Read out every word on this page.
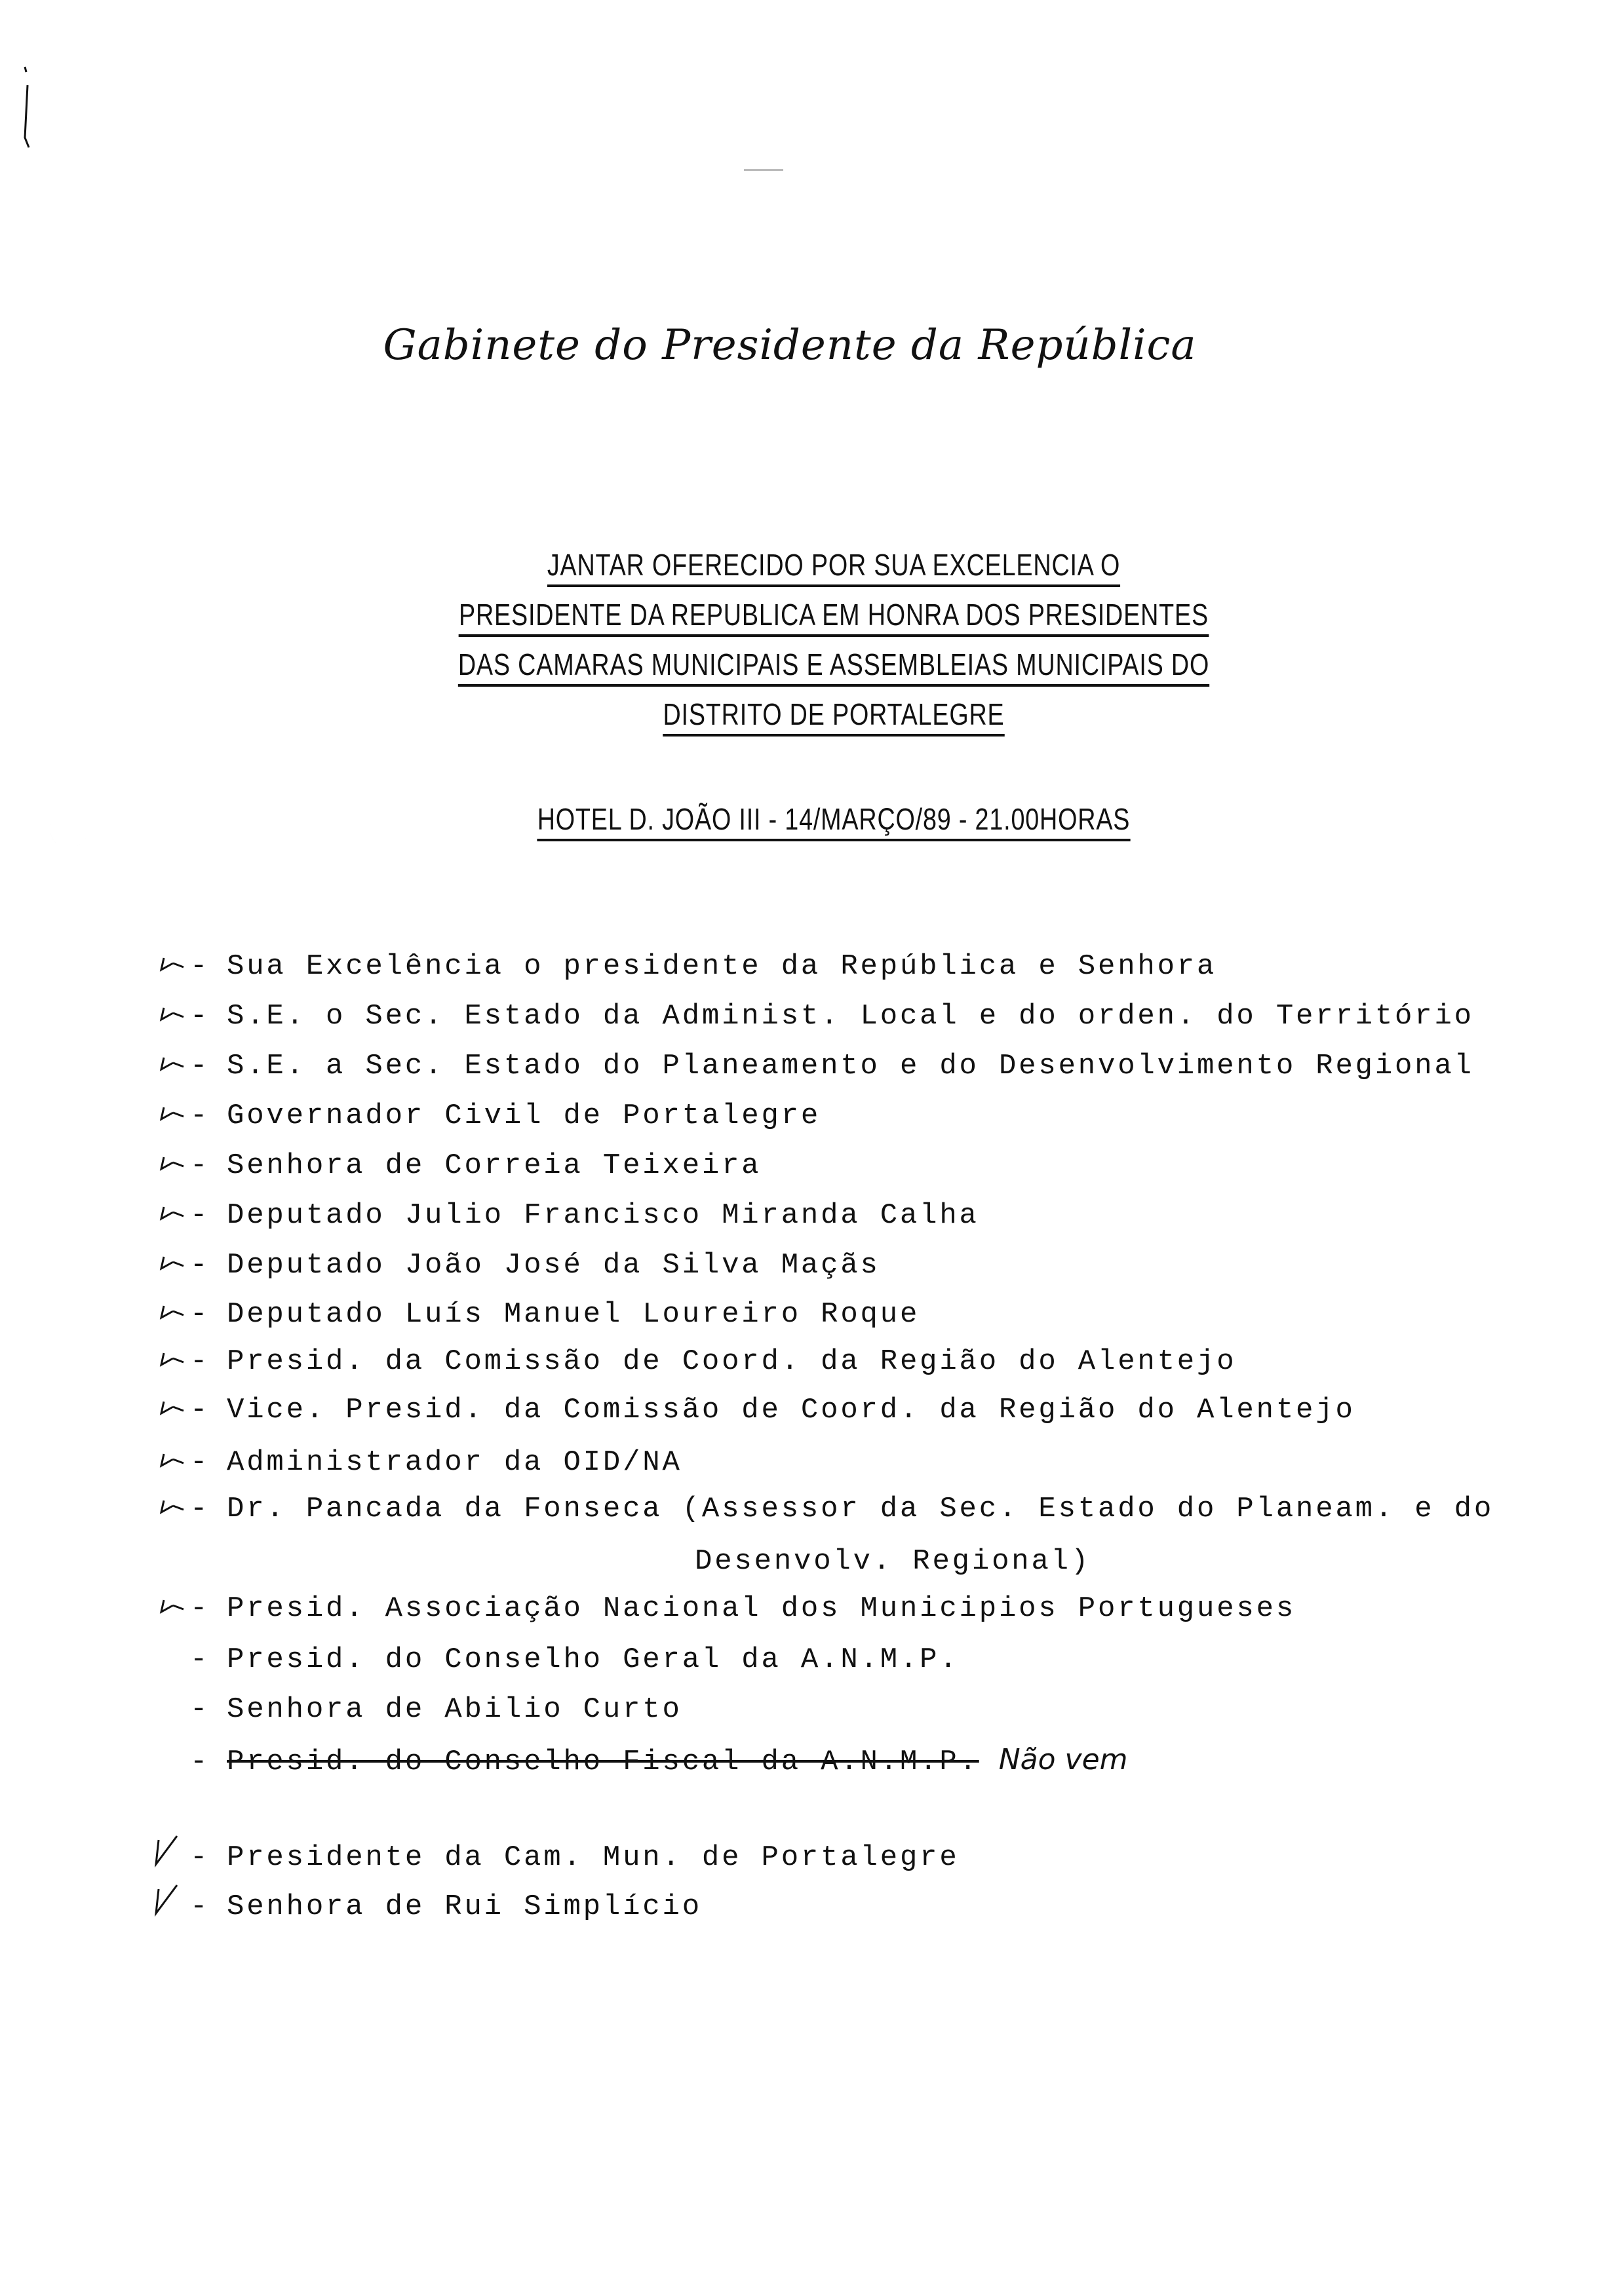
Gabinete do Presidente da República
JANTAR OFERECIDO POR SUA EXCELENCIA O
PRESIDENTE DA REPUBLICA EM HONRA DOS PRESIDENTES
DAS CAMARAS MUNICIPAIS E ASSEMBLEIAS MUNICIPAIS DO
DISTRITO DE PORTALEGRE
HOTEL D. JOÃO III - 14/MARÇO/89 - 21.00HORAS
- Sua Excelência o presidente da República e Senhora
- S.E. o Sec. Estado da Administ. Local e do orden. do Território
- S.E. a Sec. Estado do Planeamento e do Desenvolvimento Regional
- Governador Civil de Portalegre
- Senhora de Correia Teixeira
- Deputado Julio Francisco Miranda Calha
- Deputado João José da Silva Maçãs
- Deputado Luís Manuel Loureiro Roque
- Presid. da Comissão de Coord. da Região do Alentejo
- Vice. Presid. da Comissão de Coord. da Região do Alentejo
- Administrador da OID/NA
- Dr. Pancada da Fonseca (Assessor da Sec. Estado do Planeam. e do
Desenvolv. Regional)
- Presid. Associação Nacional dos Municipios Portugueses
- Presid. do Conselho Geral da A.N.M.P.
- Senhora de Abilio Curto
- Presid. do Conselho Fiscal da A.N.M.P. Não vem
- Presidente da Cam. Mun. de Portalegre
- Senhora de Rui Simplício
